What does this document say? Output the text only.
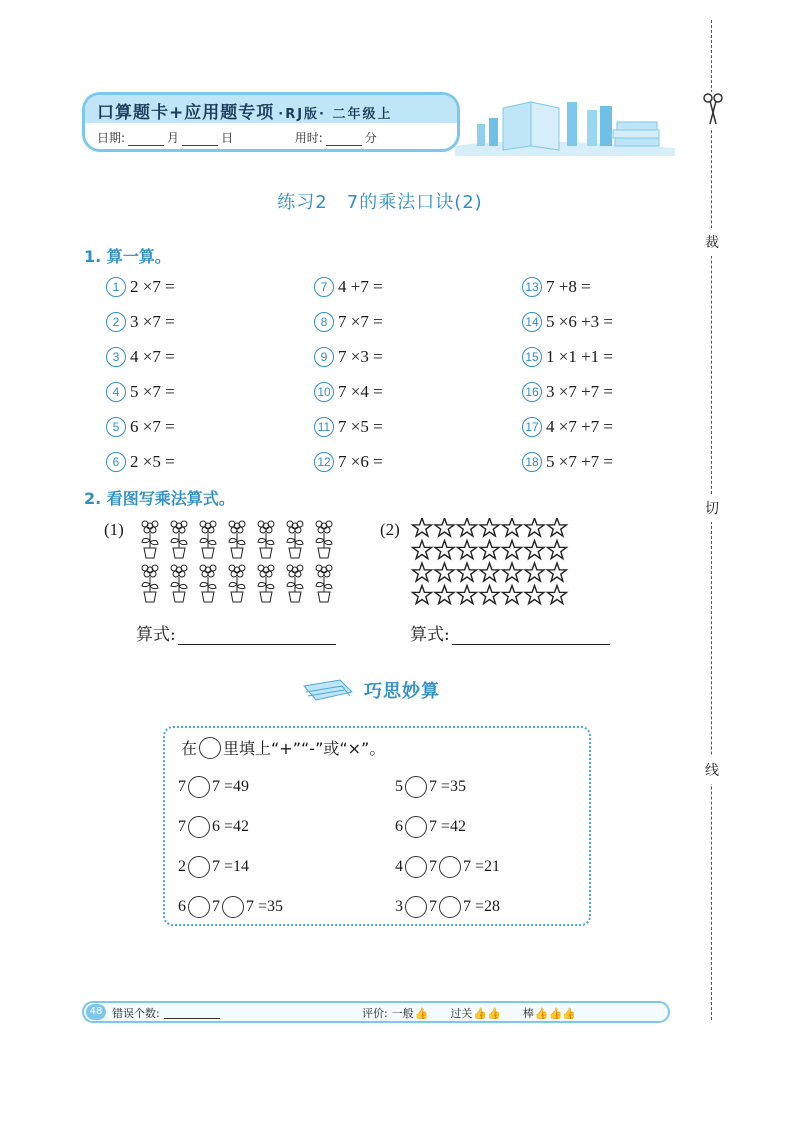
口算题卡+应用题专项 ·RJ版· 二年级上
日期:	月	日	用时:	分
裁
切
线
练习2　7的乘法口诀(2)
1. 算一算。
1 2 ×7 =
2 3 ×7 =
3 4 ×7 =
4 5 ×7 =
5 6 ×7 =
6 2 ×5 =
7 4 +7 =
8 7 ×7 =
9 7 ×3 =
10 7 ×4 =
11 7 ×5 =
12 7 ×6 =
13 7 +8 =
14 5 ×6 +3 =
15 1 ×1 +1 =
16 3 ×7 +7 =
17 4 ×7 +7 =
18 5 ×7 +7 =
2. 看图写乘法算式。
(1)	(2)
算式:	算式:
巧思妙算
在 里填上“+”“-”或“×”。
7 7 =49	5 7 =35
7 6 =42	6 7 =42
2 7 =14	4 7 7 =21
6 7 7 =35	3 7 7 =28
48 错误个数:	评价: 一般 👍 过关 👍👍 棒 👍👍👍
